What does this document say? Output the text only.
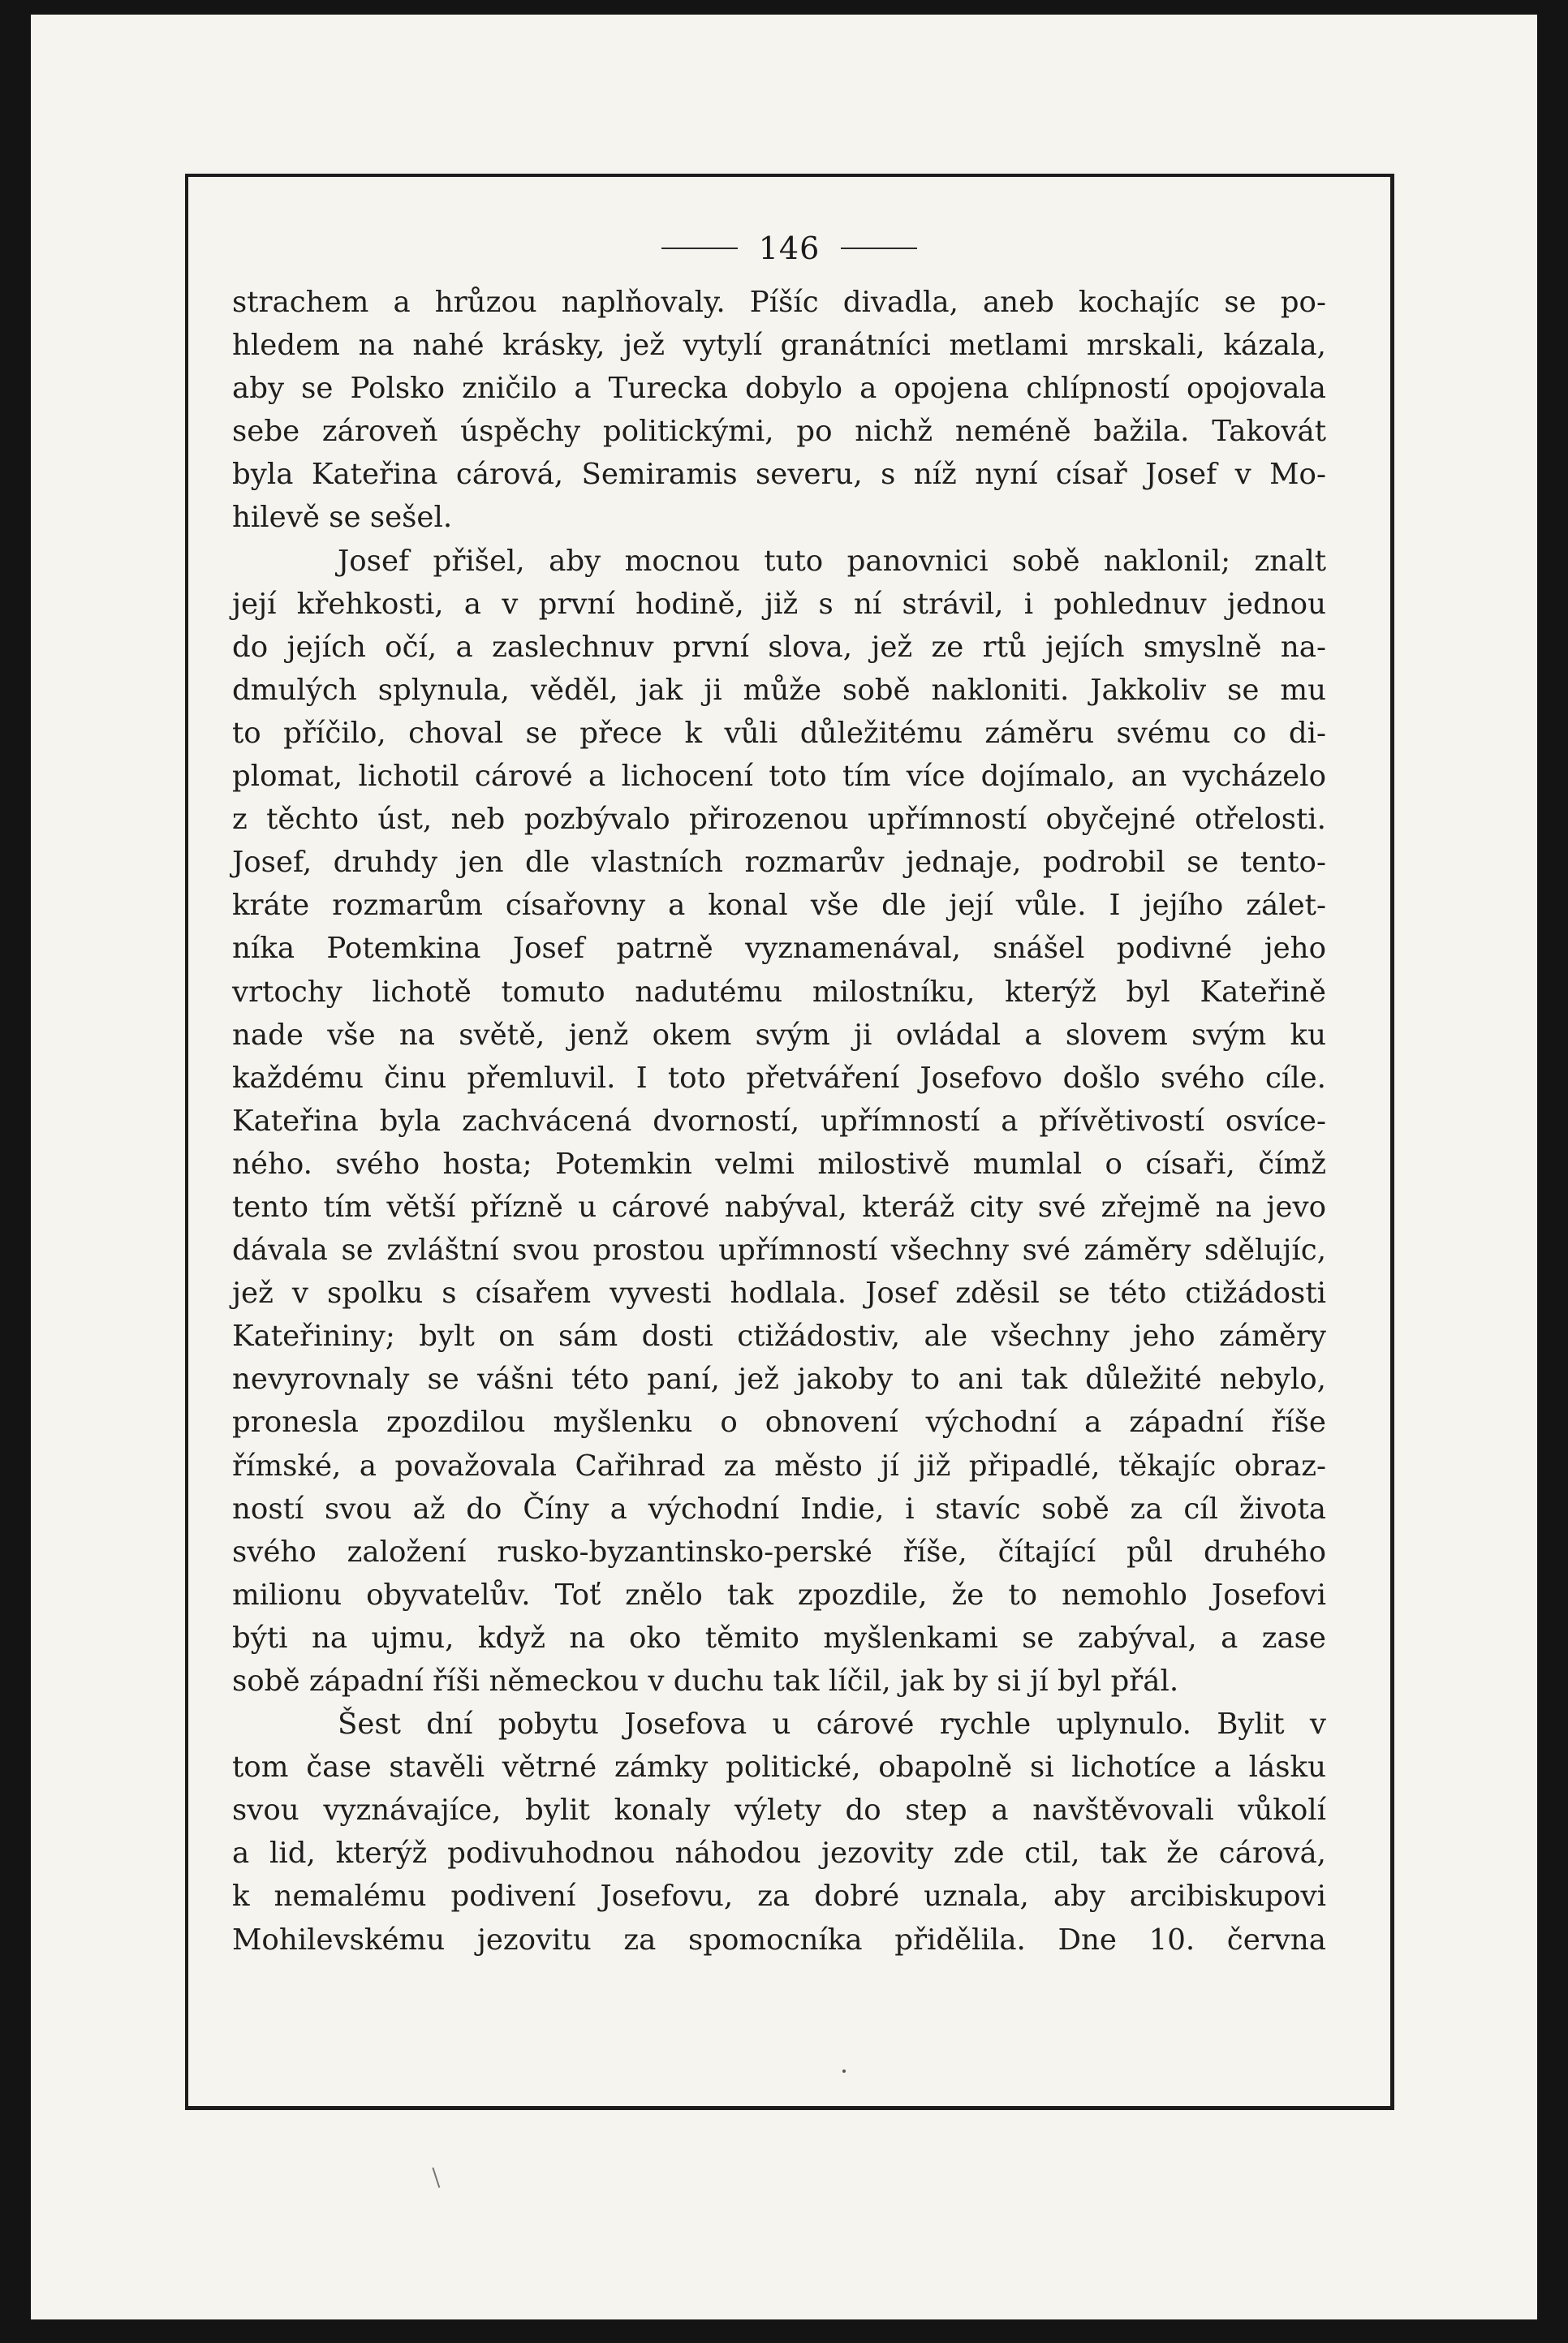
146
strachem a hrůzou naplňovaly. Píšíc divadla, aneb kochajíc se po-
hledem na nahé krásky, jež vytylí granátníci metlami mrskali, kázala,
aby se Polsko zničilo a Turecka dobylo a opojena chlípností opojovala
sebe zároveň úspěchy politickými, po nichž neméně bažila. Takovát
byla Kateřina cárová, Semiramis severu, s níž nyní císař Josef v Mo-
hilevě se sešel.
Josef přišel, aby mocnou tuto panovnici sobě naklonil; znalt
její křehkosti, a v první hodině, již s ní strávil, i pohlednuv jednou
do jejích očí, a zaslechnuv první slova, jež ze rtů jejích smyslně na-
dmulých splynula, věděl, jak ji může sobě nakloniti. Jakkoliv se mu
to příčilo, choval se přece k vůli důležitému záměru svému co di-
plomat, lichotil cárové a lichocení toto tím více dojímalo, an vycházelo
z těchto úst, neb pozbývalo přirozenou upřímností obyčejné otřelosti.
Josef, druhdy jen dle vlastních rozmarův jednaje, podrobil se tento-
kráte rozmarům císařovny a konal vše dle její vůle. I jejího zálet-
níka Potemkina Josef patrně vyznamenával, snášel podivné jeho
vrtochy lichotě tomuto nadutému milostníku, kterýž byl Kateřině
nade vše na světě, jenž okem svým ji ovládal a slovem svým ku
každému činu přemluvil. I toto přetváření Josefovo došlo svého cíle.
Kateřina byla zachvácená dvorností, upřímností a přívětivostí osvíce-
ného. svého hosta; Potemkin velmi milostivě mumlal o císaři, čímž
tento tím větší přízně u cárové nabýval, kteráž city své zřejmě na jevo
dávala se zvláštní svou prostou upřímností všechny své záměry sdělujíc,
jež v spolku s císařem vyvesti hodlala. Josef zděsil se této ctižádosti
Kateřininy; bylt on sám dosti ctižádostiv, ale všechny jeho záměry
nevyrovnaly se vášni této paní, jež jakoby to ani tak důležité nebylo,
pronesla zpozdilou myšlenku o obnovení východní a západní říše
římské, a považovala Cařihrad za město jí již připadlé, těkajíc obraz-
ností svou až do Číny a východní Indie, i stavíc sobě za cíl života
svého založení rusko-byzantinsko-perské říše, čítající půl druhého
milionu obyvatelův. Toť znělo tak zpozdile, že to nemohlo Josefovi
býti na ujmu, když na oko těmito myšlenkami se zabýval, a zase
sobě západní říši německou v duchu tak líčil, jak by si jí byl přál.
Šest dní pobytu Josefova u cárové rychle uplynulo. Bylit v
tom čase stavěli větrné zámky politické, obapolně si lichotíce a lásku
svou vyznávajíce, bylit konaly výlety do step a navštěvovali vůkolí
a lid, kterýž podivuhodnou náhodou jezovity zde ctil, tak že cárová,
k nemalému podivení Josefovu, za dobré uznala, aby arcibiskupovi
Mohilevskému jezovitu za spomocníka přidělila. Dne 10. června
